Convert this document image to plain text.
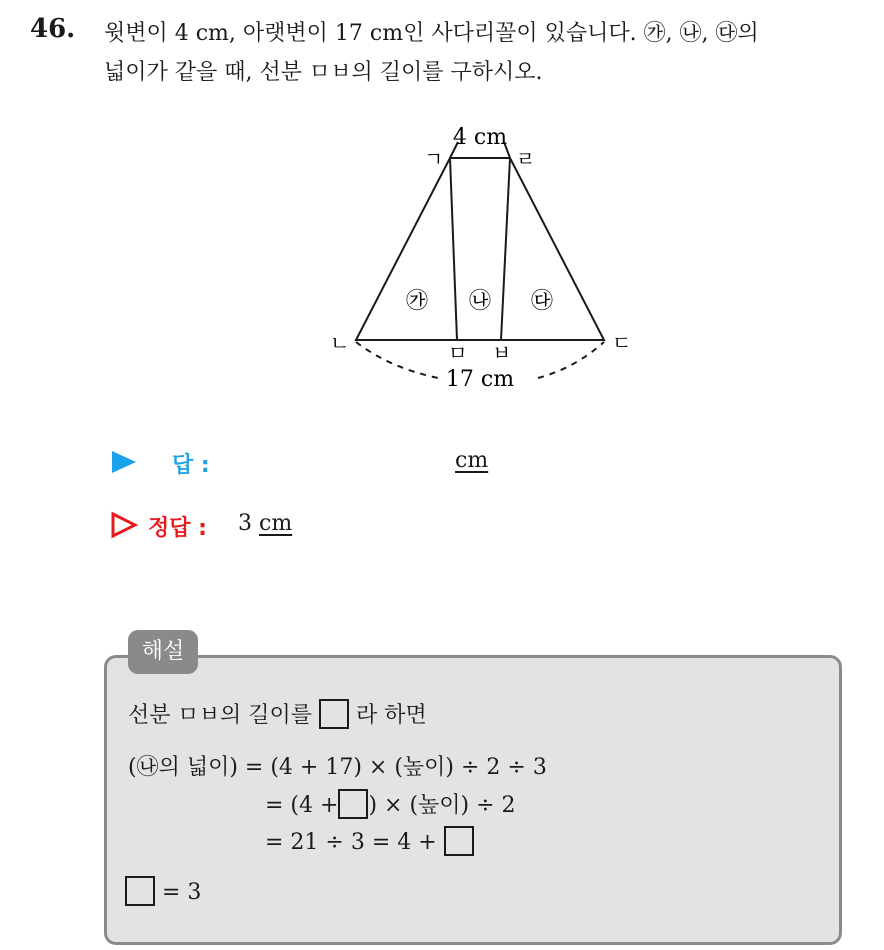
46. 윗변이 4 cm, 아랫변이 17 cm인 사다리꼴이 있습니다. ㉮, ㉯, ㉰의
넓이가 같을 때, 선분 ㅁㅂ의 길이를 구하시오.
4 cm
17 cm
ㄱ	ㄹ
ㄴ	ㄷ
ㅁ ㅂ
㉮ ㉯ ㉰
답 :	cm
정답 : 3 cm
해설
선분 ㅁㅂ의 길이를 라 하면
(㉯의 넓이) = (4 + 17) × (높이) ÷ 2 ÷ 3
= (4 + ) × (높이) ÷ 2
= 21 ÷ 3 = 4 +
= 3
